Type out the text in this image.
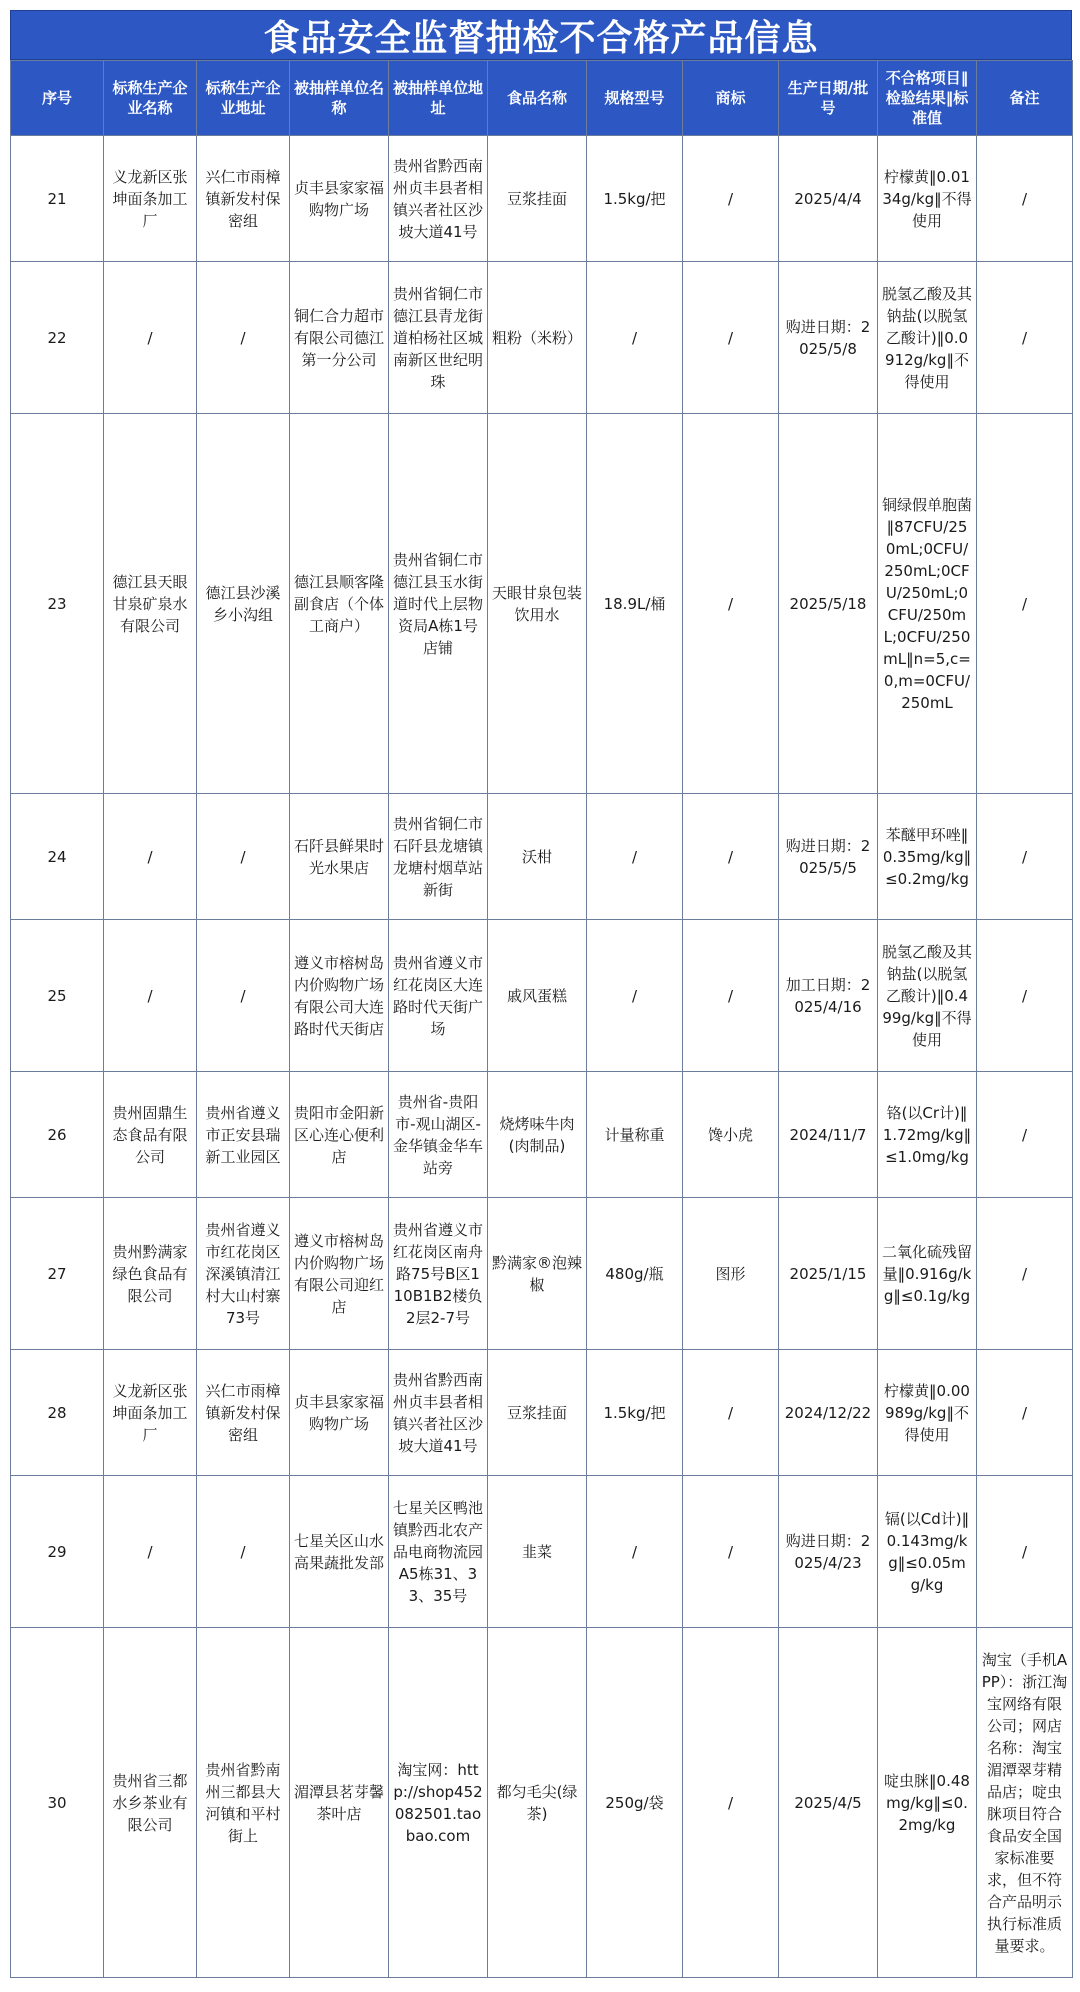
食品安全监督抽检不合格产品信息
序号	标称生产企业名称	标称生产企业地址	被抽样单位名称	被抽样单位地址	食品名称	规格型号	商标	生产日期/批号	不合格项目‖检验结果‖标准值	备注
21	义龙新区张坤面条加工厂	兴仁市雨樟镇新发村保密组	贞丰县家家福购物广场	贵州省黔西南州贞丰县者相镇兴者社区沙坡大道41号	豆浆挂面	1.5kg/把	/	2025/4/4	柠檬黄‖0.0134g/kg‖不得使用	/
22	/	/	铜仁合力超市有限公司德江第一分公司	贵州省铜仁市德江县青龙街道柏杨社区城南新区世纪明珠	粗粉（米粉）	/	/	购进日期：2025/5/8	脱氢乙酸及其钠盐(以脱氢乙酸计)‖0.0912g/kg‖不得使用	/
23	德江县天眼甘泉矿泉水有限公司	德江县沙溪乡小沟组	德江县顺客隆副食店（个体工商户）	贵州省铜仁市德江县玉水街道时代上层物资局A栋1号店铺	天眼甘泉包装饮用水	18.9L/桶	/	2025/5/18	铜绿假单胞菌‖87CFU/250mL;0CFU/250mL;0CFU/250mL;0CFU/250mL;0CFU/250mL‖n=5,c=0,m=0CFU/250mL	/
24	/	/	石阡县鲜果时光水果店	贵州省铜仁市石阡县龙塘镇龙塘村烟草站新街	沃柑	/	/	购进日期：2025/5/5	苯醚甲环唑‖0.35mg/kg‖≤0.2mg/kg	/
25	/	/	遵义市榕树岛内价购物广场有限公司大连路时代天街店	贵州省遵义市红花岗区大连路时代天街广场	戚风蛋糕	/	/	加工日期：2025/4/16	脱氢乙酸及其钠盐(以脱氢乙酸计)‖0.499g/kg‖不得使用	/
26	贵州固鼎生态食品有限公司	贵州省遵义市正安县瑞新工业园区	贵阳市金阳新区心连心便利店	贵州省-贵阳市-观山湖区-金华镇金华车站旁	烧烤味牛肉(肉制品)	计量称重	馋小虎	2024/11/7	铬(以Cr计)‖1.72mg/kg‖≤1.0mg/kg	/
27	贵州黔满家绿色食品有限公司	贵州省遵义市红花岗区深溪镇清江村大山村寨73号	遵义市榕树岛内价购物广场有限公司迎红店	贵州省遵义市红花岗区南舟路75号B区110B1B2楼负2层2-7号	黔满家®泡辣椒	480g/瓶	图形	2025/1/15	二氧化硫残留量‖0.916g/kg‖≤0.1g/kg	/
28	义龙新区张坤面条加工厂	兴仁市雨樟镇新发村保密组	贞丰县家家福购物广场	贵州省黔西南州贞丰县者相镇兴者社区沙坡大道41号	豆浆挂面	1.5kg/把	/	2024/12/22	柠檬黄‖0.00989g/kg‖不得使用	/
29	/	/	七星关区山水高果蔬批发部	七星关区鸭池镇黔西北农产品电商物流园A5栋31、33、35号	韭菜	/	/	购进日期：2025/4/23	镉(以Cd计)‖0.143mg/kg‖≤0.05mg/kg	/
30	贵州省三都水乡茶业有限公司	贵州省黔南州三都县大河镇和平村街上	湄潭县茗芽馨茶叶店	淘宝网：http://shop452082501.taobao.com	都匀毛尖(绿茶)	250g/袋	/	2025/4/5	啶虫脒‖0.48mg/kg‖≤0.2mg/kg	淘宝（手机APP）：浙江淘宝网络有限公司；网店名称：淘宝湄潭翠芽精品店；啶虫脒项目符合食品安全国家标准要求，但不符合产品明示执行标准质量要求。
